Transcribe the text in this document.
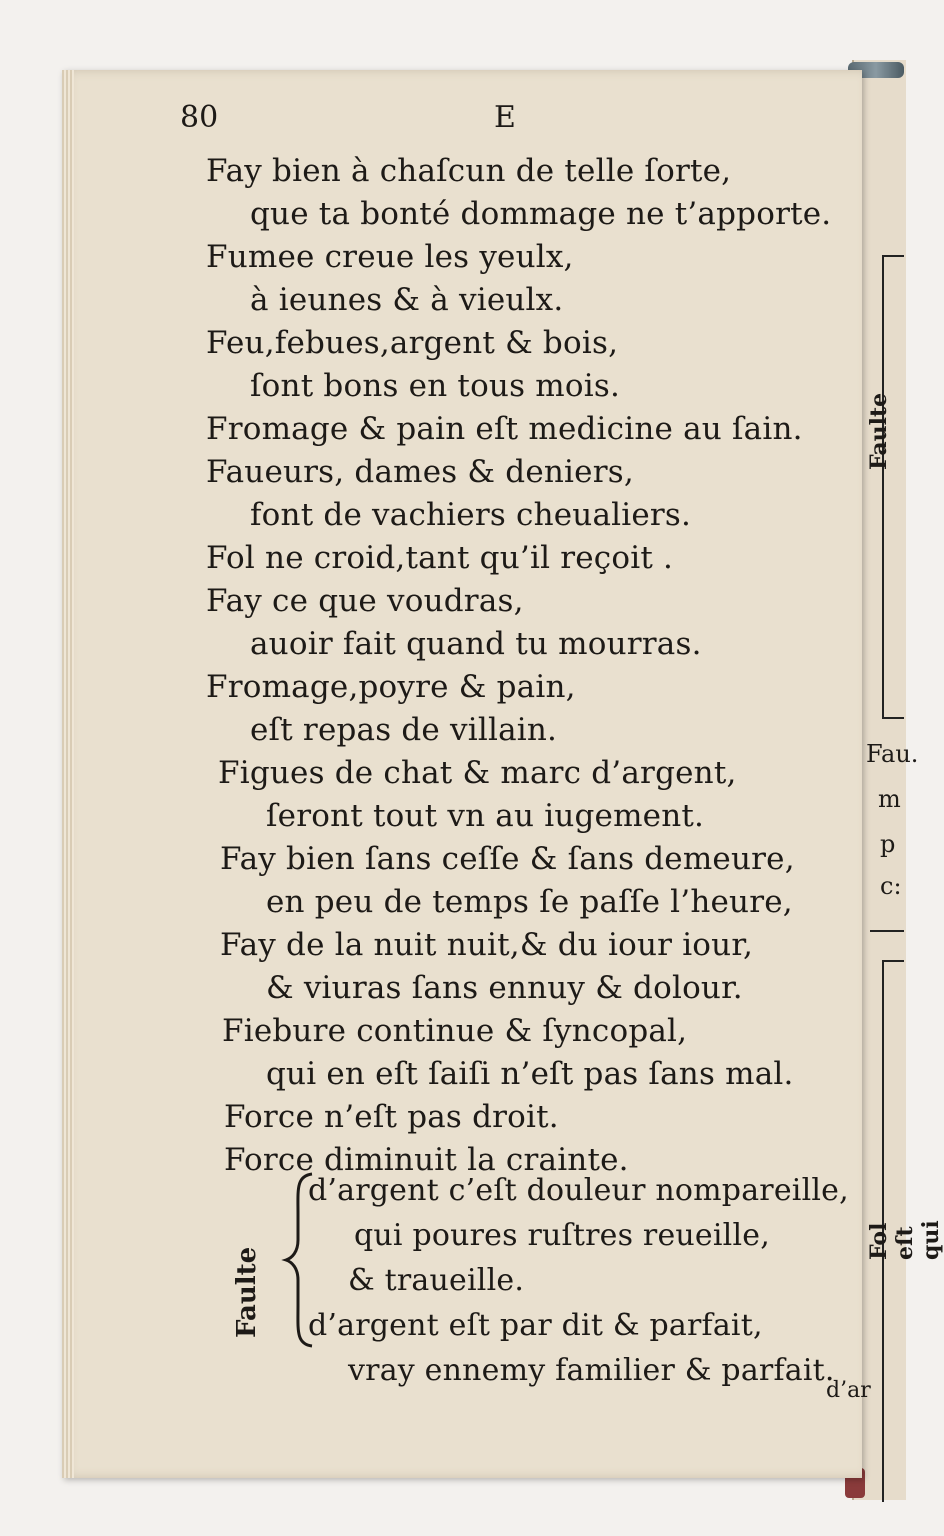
80	E
Fay bien à chaſcun de telle ſorte,
que ta bonté dommage ne t’apporte.
Fumee creue les yeulx,
à ieunes & à vieulx.
Feu,febues,argent & bois,
ſont bons en tous mois.
Fromage & pain eſt medicine au ſain.
Faueurs, dames & deniers,
font de vachiers cheualiers.
Fol ne croid,tant qu’il reçoit .
Fay ce que voudras,
auoir fait quand tu mourras.
Fromage,poyre & pain,
eſt repas de villain.
Figues de chat & marc d’argent,
ſeront tout vn au iugement.
Fay bien ſans ceſſe & ſans demeure,
en peu de temps ſe paſſe l’heure,
Fay de la nuit nuit,& du iour iour,
& viuras ſans ennuy & dolour.
Fiebure continue & ſyncopal,
qui en eſt ſaiſi n’eſt pas ſans mal.
Force n’eſt pas droit.
Force diminuit la crainte.
Faulte
d’argent c’eſt douleur nompareille,
qui poures ruſtres reueille,
& traueille.
d’argent eſt par dit & parfait,
vray ennemy familier & parfait.
d’ar
Faulte
Fol eſt qui
Fau.
m
p
c:
